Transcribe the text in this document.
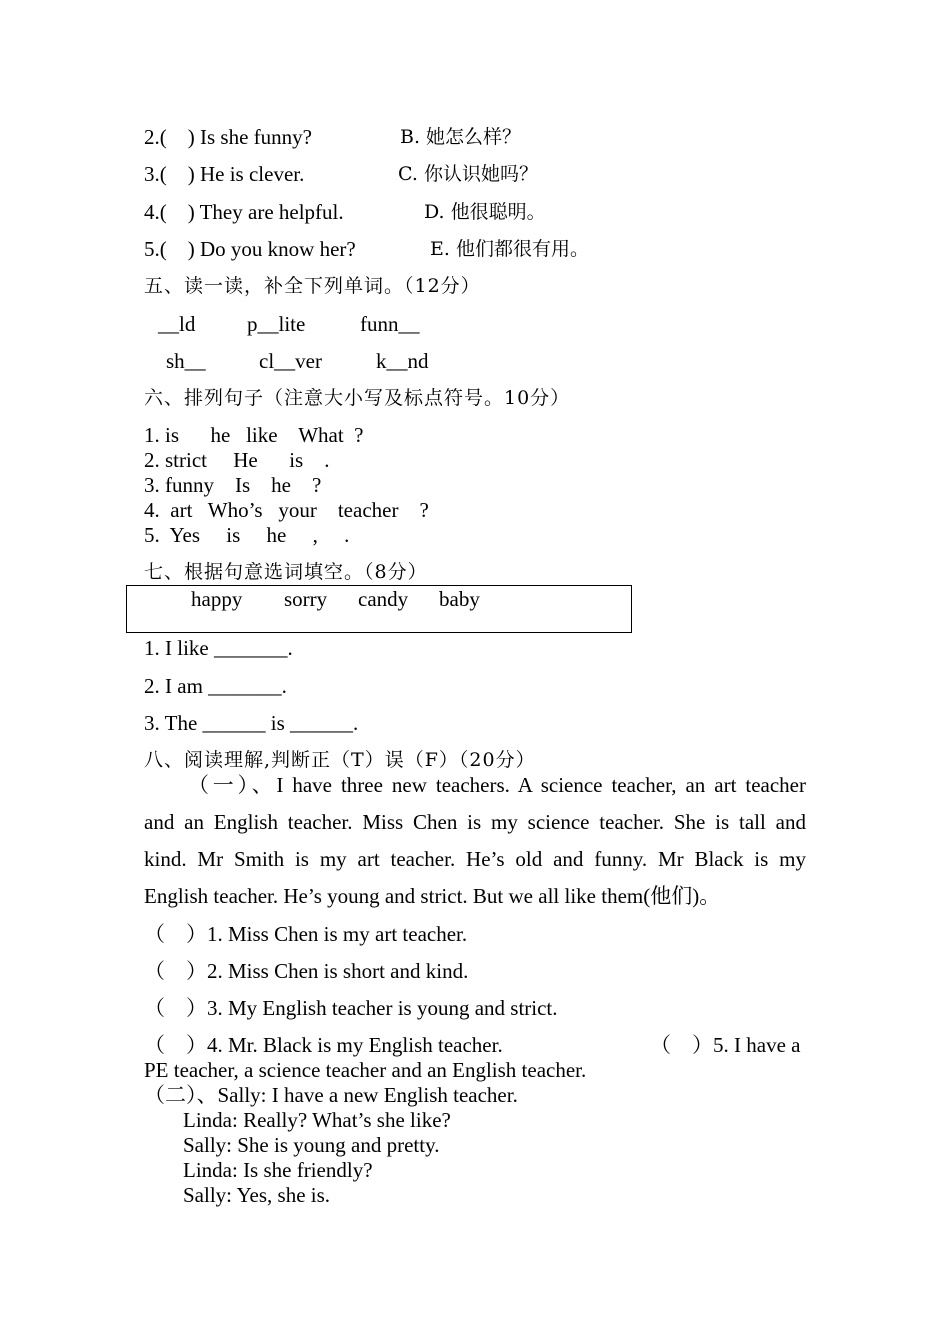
2.(    ) Is she funny?	B. 她怎么样？
3.(    ) He is clever.	C. 你认识她吗？
4.(    ) They are helpful.	D. 他很聪明。
5.(    ) Do you know her?	E. 他们都很有用。
五、读一读，补全下列单词。（12分）
__ld p__lite	funn__
sh__	cl__ver	k__nd
六、排列句子（注意大小写及标点符号。10分）
1. is      he   like    What  ?
2. strict     He      is    .
3. funny    Is    he    ?
4.  art   Who’s   your    teacher    ?
5.  Yes     is     he     ,     .
七、根据句意选词填空。（8分）
happy sorry candy baby
1. I like _______.
2. I am _______.
3. The ______ is ______.
八、阅读理解,判断正（T）误（F）（20分）
（一）、I have three new teachers. A science teacher, an art teacher
and an English teacher. Miss Chen is my science teacher. She is tall and
kind. Mr Smith is my art teacher. He’s old and funny. Mr Black is my
English teacher. He’s young and strict. But we all like them(他们)。
（    ）1. Miss Chen is my art teacher.
（    ）2. Miss Chen is short and kind.
（    ）3. My English teacher is young and strict.
（    ）4. Mr. Black is my English teacher.	（    ）5. I have a
PE teacher, a science teacher and an English teacher.
（二）、Sally: I have a new English teacher.
Linda: Really? What’s she like?
Sally: She is young and pretty.
Linda: Is she friendly?
Sally: Yes, she is.
